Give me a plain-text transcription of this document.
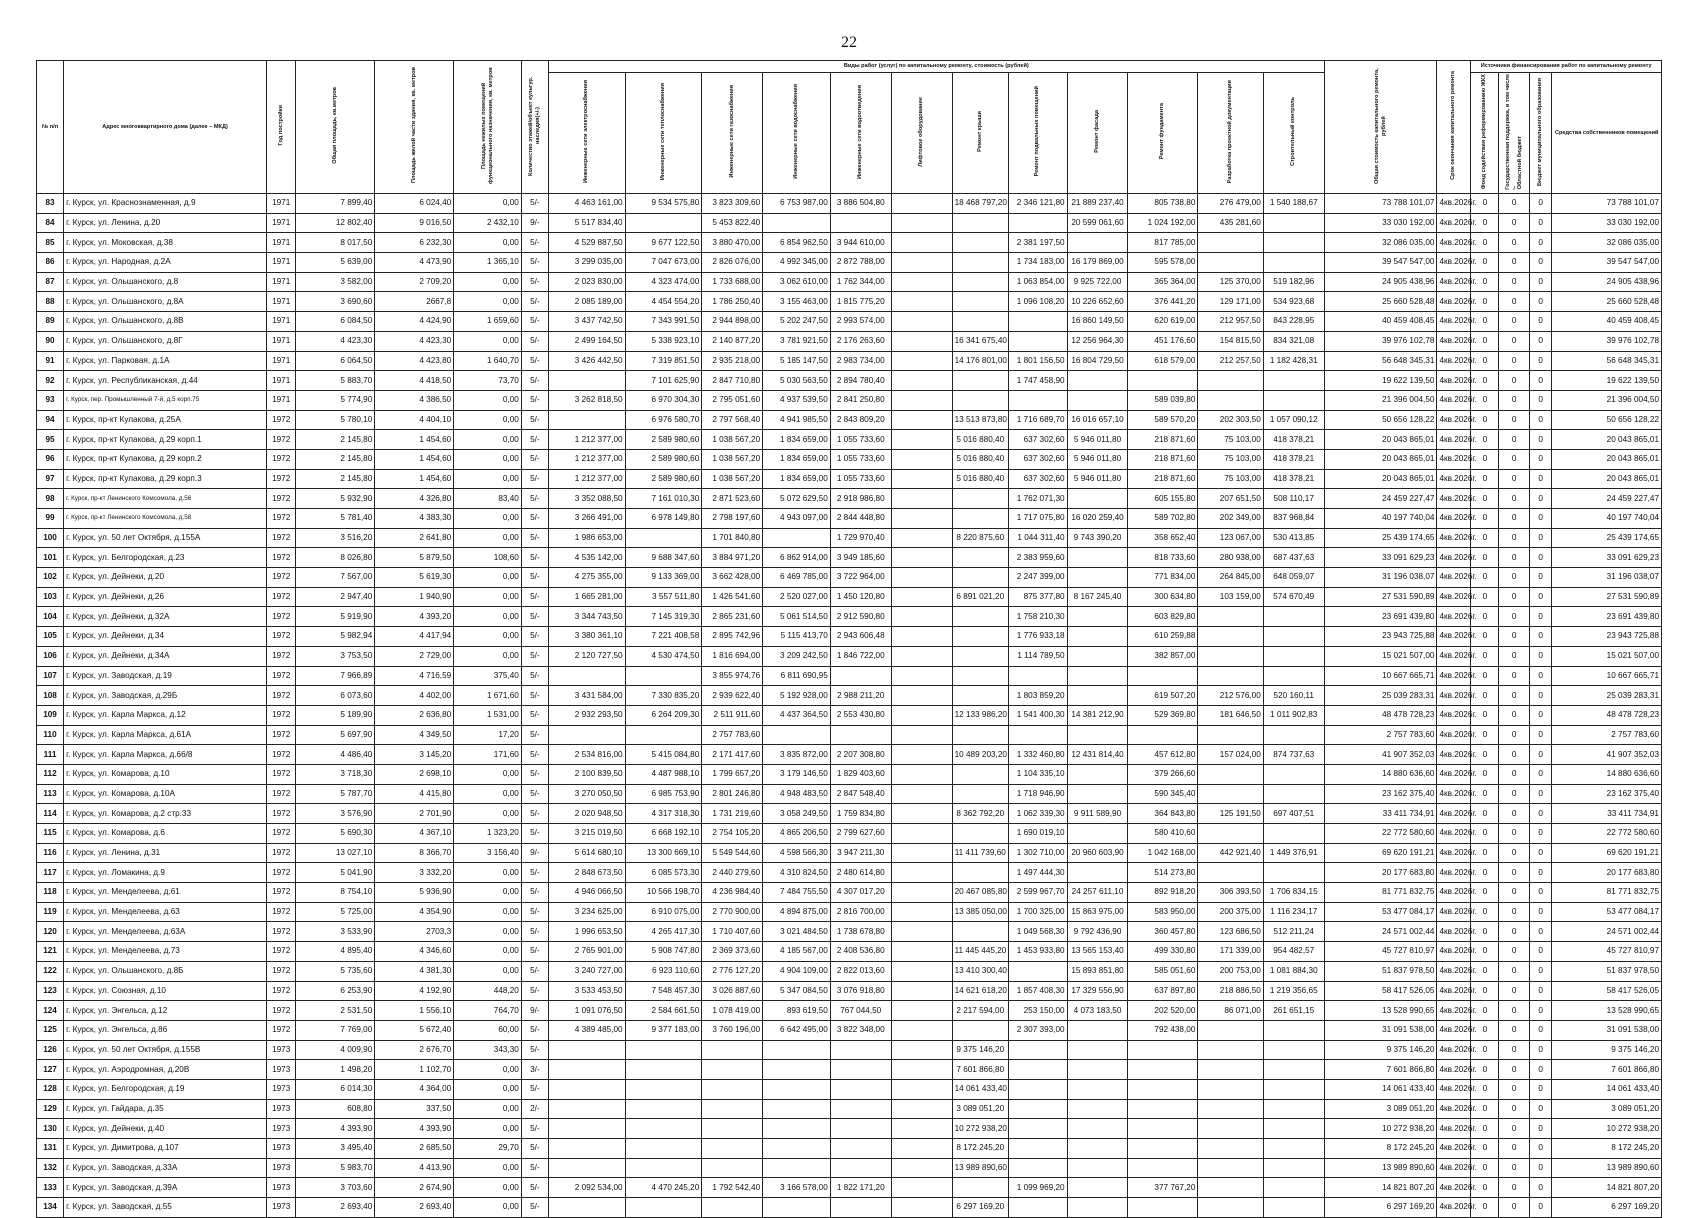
22
№ п/п	Адрес многоквартирного дома (далее – МКД)	Год постройки	Общая площадь, кв.метров	Площадь жилой части здания, кв. метров	Площадь нежилых помещений функционального назначения, кв. метров	Количество этажей/объект культур. наследия(+/-)	Виды работ (услуг) по капитальному ремонту, стоимость (рублей)												Общая стоимость капитального ремонта, рублей	Срок окончания капитального ремонта	Источники финансирования работ по капитальному ремонту			
							Инженерные сети электроснабжения	Инженерные сети теплоснабжения	Инженерные сети газоснабжения	Инженерные сети водоснабжения	Инженерные сети водоотведения	Лифтовое оборудование	Ремонт крыши	Ремонт подвальных помещений	Ремонт фасада	Ремонт фундамента	Разработка проектной документации	Строительный контроль			Фонд содействия реформированию ЖКХ	Государственная поддержка, в том числе / Областной бюджет	Бюджет муниципального образования	Средства собственников помещений
83	г. Курск, ул. Краснознаменная, д.9	1971	7 899,40	6 024,40	0,00	5/-	4 463 161,00	9 534 575,80	3 823 309,60	6 753 987,00	3 886 504,80		18 468 797,20	2 346 121,80	21 889 237,40	805 738,80	276 479,00	1 540 188,67	73 788 101,07	4кв.2026г.	0	0	0	73 788 101,07
84	г. Курск, ул. Ленина, д.20	1971	12 802,40	9 016,50	2 432,10	9/-	5 517 834,40		5 453 822,40						20 599 061,60	1 024 192,00	435 281,60		33 030 192,00	4кв.2026г.	0	0	0	33 030 192,00
85	г. Курск, ул. Моковская, д.38	1971	8 017,50	6 232,30	0,00	5/-	4 529 887,50	9 677 122,50	3 880 470,00	6 854 962,50	3 944 610,00			2 381 197,50		817 785,00			32 086 035,00	4кв.2026г.	0	0	0	32 086 035,00
86	г. Курск, ул. Народная, д.2А	1971	5 639,00	4 473,90	1 365,10	5/-	3 299 035,00	7 047 673,00	2 826 076,00	4 992 345,00	2 872 788,00			1 734 183,00	16 179 869,00	595 578,00			39 547 547,00	4кв.2026г.	0	0	0	39 547 547,00
87	г. Курск, ул. Ольшанского, д.8	1971	3 582,00	2 709,20	0,00	5/-	2 023 830,00	4 323 474,00	1 733 688,00	3 062 610,00	1 762 344,00			1 063 854,00	9 925 722,00	365 364,00	125 370,00	519 182,96	24 905 438,96	4кв.2026г.	0	0	0	24 905 438,96
88	г. Курск, ул. Ольшанского, д.8А	1971	3 690,60	2667,8	0,00	5/-	2 085 189,00	4 454 554,20	1 786 250,40	3 155 463,00	1 815 775,20			1 096 108,20	10 226 652,60	376 441,20	129 171,00	534 923,68	25 660 528,48	4кв.2026г.	0	0	0	25 660 528,48
89	г. Курск, ул. Ольшанского, д.8В	1971	6 084,50	4 424,90	1 659,60	5/-	3 437 742,50	7 343 991,50	2 944 898,00	5 202 247,50	2 993 574,00				16 860 149,50	620 619,00	212 957,50	843 228,95	40 459 408,45	4кв.2026г.	0	0	0	40 459 408,45
90	г. Курск, ул. Ольшанского, д.8Г	1971	4 423,30	4 423,30	0,00	5/-	2 499 164,50	5 338 923,10	2 140 877,20	3 781 921,50	2 176 263,60		16 341 675,40		12 256 964,30	451 176,60	154 815,50	834 321,08	39 976 102,78	4кв.2026г.	0	0	0	39 976 102,78
91	г. Курск, ул. Парковая, д.1А	1971	6 064,50	4 423,80	1 640,70	5/-	3 426 442,50	7 319 851,50	2 935 218,00	5 185 147,50	2 983 734,00		14 176 801,00	1 801 156,50	16 804 729,50	618 579,00	212 257,50	1 182 428,31	56 648 345,31	4кв.2026г.	0	0	0	56 648 345,31
92	г. Курск, ул. Республиканская, д.44	1971	5 883,70	4 418,50	73,70	5/-		7 101 625,90	2 847 710,80	5 030 563,50	2 894 780,40			1 747 458,90					19 622 139,50	4кв.2026г.	0	0	0	19 622 139,50
93	г. Курск, пер. Промышленный 7-й, д.5 корп.75	1971	5 774,90	4 386,50	0,00	5/-	3 262 818,50	6 970 304,30	2 795 051,60	4 937 539,50	2 841 250,80					589 039,80			21 396 004,50	4кв.2026г.	0	0	0	21 396 004,50
94	г. Курск, пр-кт Кулакова, д.25А	1972	5 780,10	4 404,10	0,00	5/-		6 976 580,70	2 797 568,40	4 941 985,50	2 843 809,20		13 513 873,80	1 716 689,70	16 016 657,10	589 570,20	202 303,50	1 057 090,12	50 656 128,22	4кв.2026г.	0	0	0	50 656 128,22
95	г. Курск, пр-кт Кулакова, д.29 корп.1	1972	2 145,80	1 454,60	0,00	5/-	1 212 377,00	2 589 980,60	1 038 567,20	1 834 659,00	1 055 733,60		5 016 880,40	637 302,60	5 946 011,80	218 871,60	75 103,00	418 378,21	20 043 865,01	4кв.2026г.	0	0	0	20 043 865,01
96	г. Курск, пр-кт Кулакова, д.29 корп.2	1972	2 145,80	1 454,60	0,00	5/-	1 212 377,00	2 589 980,60	1 038 567,20	1 834 659,00	1 055 733,60		5 016 880,40	637 302,60	5 946 011,80	218 871,60	75 103,00	418 378,21	20 043 865,01	4кв.2026г.	0	0	0	20 043 865,01
97	г. Курск, пр-кт Кулакова, д.29 корп.3	1972	2 145,80	1 454,60	0,00	5/-	1 212 377,00	2 589 980,60	1 038 567,20	1 834 659,00	1 055 733,60		5 016 880,40	637 302,60	5 946 011,80	218 871,60	75 103,00	418 378,21	20 043 865,01	4кв.2026г.	0	0	0	20 043 865,01
98	г. Курск, пр-кт Ленинского Комсомола, д.56	1972	5 932,90	4 326,80	83,40	5/-	3 352 088,50	7 161 010,30	2 871 523,60	5 072 629,50	2 918 986,80			1 762 071,30		605 155,80	207 651,50	508 110,17	24 459 227,47	4кв.2026г.	0	0	0	24 459 227,47
99	г. Курск, пр-кт Ленинского Комсомола, д.58	1972	5 781,40	4 383,30	0,00	5/-	3 266 491,00	6 978 149,80	2 798 197,60	4 943 097,00	2 844 448,80			1 717 075,80	16 020 259,40	589 702,80	202 349,00	837 968,84	40 197 740,04	4кв.2026г.	0	0	0	40 197 740,04
100	г. Курск, ул. 50 лет Октября, д.155А	1972	3 516,20	2 641,80	0,00	5/-	1 986 653,00		1 701 840,80		1 729 970,40		8 220 875,60	1 044 311,40	9 743 390,20	358 652,40	123 067,00	530 413,85	25 439 174,65	4кв.2026г.	0	0	0	25 439 174,65
101	г. Курск, ул. Белгородская, д.23	1972	8 026,80	5 879,50	108,60	5/-	4 535 142,00	9 688 347,60	3 884 971,20	6 862 914,00	3 949 185,60			2 383 959,60		818 733,60	280 938,00	687 437,63	33 091 629,23	4кв.2026г.	0	0	0	33 091 629,23
102	г. Курск, ул. Дейнеки, д.20	1972	7 567,00	5 619,30	0,00	5/-	4 275 355,00	9 133 369,00	3 662 428,00	6 469 785,00	3 722 964,00			2 247 399,00		771 834,00	264 845,00	648 059,07	31 196 038,07	4кв.2026г.	0	0	0	31 196 038,07
103	г. Курск, ул. Дейнеки, д.26	1972	2 947,40	1 940,90	0,00	5/-	1 665 281,00	3 557 511,80	1 426 541,60	2 520 027,00	1 450 120,80		6 891 021,20	875 377,80	8 167 245,40	300 634,80	103 159,00	574 670,49	27 531 590,89	4кв.2026г.	0	0	0	27 531 590,89
104	г. Курск, ул. Дейнеки, д.32А	1972	5 919,90	4 393,20	0,00	5/-	3 344 743,50	7 145 319,30	2 865 231,60	5 061 514,50	2 912 590,80			1 758 210,30		603 829,80			23 691 439,80	4кв.2026г.	0	0	0	23 691 439,80
105	г. Курск, ул. Дейнеки, д.34	1972	5 982,94	4 417,94	0,00	5/-	3 380 361,10	7 221 408,58	2 895 742,96	5 115 413,70	2 943 606,48			1 776 933,18		610 259,88			23 943 725,88	4кв.2026г.	0	0	0	23 943 725,88
106	г. Курск, ул. Дейнеки, д.34А	1972	3 753,50	2 729,00	0,00	5/-	2 120 727,50	4 530 474,50	1 816 694,00	3 209 242,50	1 846 722,00			1 114 789,50		382 857,00			15 021 507,00	4кв.2026г.	0	0	0	15 021 507,00
107	г. Курск, ул. Заводская, д.19	1972	7 966,89	4 716,59	375,40	5/-			3 855 974,76	6 811 690,95									10 667 665,71	4кв.2026г.	0	0	0	10 667 665,71
108	г. Курск, ул. Заводская, д.29Б	1972	6 073,60	4 402,00	1 671,60	5/-	3 431 584,00	7 330 835,20	2 939 622,40	5 192 928,00	2 988 211,20			1 803 859,20		619 507,20	212 576,00	520 160,11	25 039 283,31	4кв.2026г.	0	0	0	25 039 283,31
109	г. Курск, ул. Карла Маркса, д.12	1972	5 189,90	2 636,80	1 531,00	5/-	2 932 293,50	6 264 209,30	2 511 911,60	4 437 364,50	2 553 430,80		12 133 986,20	1 541 400,30	14 381 212,90	529 369,80	181 646,50	1 011 902,83	48 478 728,23	4кв.2026г.	0	0	0	48 478 728,23
110	г. Курск, ул. Карла Маркса, д.61А	1972	5 697,90	4 349,50	17,20	5/-			2 757 783,60										2 757 783,60	4кв.2026г.	0	0	0	2 757 783,60
111	г. Курск, ул. Карла Маркса, д.66/8	1972	4 486,40	3 145,20	171,60	5/-	2 534 816,00	5 415 084,80	2 171 417,60	3 835 872,00	2 207 308,80		10 489 203,20	1 332 460,80	12 431 814,40	457 612,80	157 024,00	874 737,63	41 907 352,03	4кв.2026г.	0	0	0	41 907 352,03
112	г. Курск, ул. Комарова, д.10	1972	3 718,30	2 698,10	0,00	5/-	2 100 839,50	4 487 988,10	1 799 657,20	3 179 146,50	1 829 403,60			1 104 335,10		379 266,60			14 880 636,60	4кв.2026г.	0	0	0	14 880 636,60
113	г. Курск, ул. Комарова, д.10А	1972	5 787,70	4 415,80	0,00	5/-	3 270 050,50	6 985 753,90	2 801 246,80	4 948 483,50	2 847 548,40			1 718 946,90		590 345,40			23 162 375,40	4кв.2026г.	0	0	0	23 162 375,40
114	г. Курск, ул. Комарова, д.2 стр.33	1972	3 576,90	2 701,90	0,00	5/-	2 020 948,50	4 317 318,30	1 731 219,60	3 058 249,50	1 759 834,80		8 362 792,20	1 062 339,30	9 911 589,90	364 843,80	125 191,50	697 407,51	33 411 734,91	4кв.2026г.	0	0	0	33 411 734,91
115	г. Курск, ул. Комарова, д.6	1972	5 690,30	4 367,10	1 323,20	5/-	3 215 019,50	6 668 192,10	2 754 105,20	4 865 206,50	2 799 627,60			1 690 019,10		580 410,60			22 772 580,60	4кв.2026г.	0	0	0	22 772 580,60
116	г. Курск, ул. Ленина, д.31	1972	13 027,10	8 366,70	3 156,40	9/-	5 614 680,10	13 300 669,10	5 549 544,60	4 598 566,30	3 947 211,30		11 411 739,60	1 302 710,00	20 960 603,90	1 042 168,00	442 921,40	1 449 376,91	69 620 191,21	4кв.2026г.	0	0	0	69 620 191,21
117	г. Курск, ул. Ломакина, д.9	1972	5 041,90	3 332,20	0,00	5/-	2 848 673,50	6 085 573,30	2 440 279,60	4 310 824,50	2 480 614,80			1 497 444,30		514 273,80			20 177 683,80	4кв.2026г.	0	0	0	20 177 683,80
118	г. Курск, ул. Менделеева, д.61	1972	8 754,10	5 936,90	0,00	5/-	4 946 066,50	10 566 198,70	4 236 984,40	7 484 755,50	4 307 017,20		20 467 085,80	2 599 967,70	24 257 611,10	892 918,20	306 393,50	1 706 834,15	81 771 832,75	4кв.2026г.	0	0	0	81 771 832,75
119	г. Курск, ул. Менделеева, д.63	1972	5 725,00	4 354,90	0,00	5/-	3 234 625,00	6 910 075,00	2 770 900,00	4 894 875,00	2 816 700,00		13 385 050,00	1 700 325,00	15 863 975,00	583 950,00	200 375,00	1 116 234,17	53 477 084,17	4кв.2026г.	0	0	0	53 477 084,17
120	г. Курск, ул. Менделеева, д.63А	1972	3 533,90	2703,3	0,00	5/-	1 996 653,50	4 265 417,30	1 710 407,60	3 021 484,50	1 738 678,80			1 049 568,30	9 792 436,90	360 457,80	123 686,50	512 211,24	24 571 002,44	4кв.2026г.	0	0	0	24 571 002,44
121	г. Курск, ул. Менделеева, д.73	1972	4 895,40	4 346,60	0,00	5/-	2 765 901,00	5 908 747,80	2 369 373,60	4 185 567,00	2 408 536,80		11 445 445,20	1 453 933,80	13 565 153,40	499 330,80	171 339,00	954 482,57	45 727 810,97	4кв.2026г.	0	0	0	45 727 810,97
122	г. Курск, ул. Ольшанского, д.8Б	1972	5 735,60	4 381,30	0,00	5/-	3 240 727,00	6 923 110,60	2 776 127,20	4 904 109,00	2 822 013,60		13 410 300,40		15 893 851,80	585 051,60	200 753,00	1 081 884,30	51 837 978,50	4кв.2026г.	0	0	0	51 837 978,50
123	г. Курск, ул. Союзная, д.10	1972	6 253,90	4 192,90	448,20	5/-	3 533 453,50	7 548 457,30	3 026 887,60	5 347 084,50	3 076 918,80		14 621 618,20	1 857 408,30	17 329 556,90	637 897,80	218 886,50	1 219 356,65	58 417 526,05	4кв.2026г.	0	0	0	58 417 526,05
124	г. Курск, ул. Энгельса, д.12	1972	2 531,50	1 556,10	764,70	9/-	1 091 076,50	2 584 661,50	1 078 419,00	893 619,50	767 044,50		2 217 594,00	253 150,00	4 073 183,50	202 520,00	86 071,00	261 651,15	13 528 990,65	4кв.2026г.	0	0	0	13 528 990,65
125	г. Курск, ул. Энгельса, д.86	1972	7 769,00	5 672,40	60,00	5/-	4 389 485,00	9 377 183,00	3 760 196,00	6 642 495,00	3 822 348,00			2 307 393,00		792 438,00			31 091 538,00	4кв.2026г.	0	0	0	31 091 538,00
126	г. Курск, ул. 50 лет Октября, д.155В	1973	4 009,90	2 676,70	343,30	5/-							9 375 146,20						9 375 146,20	4кв.2026г.	0	0	0	9 375 146,20
127	г. Курск, ул. Аэродромная, д.20В	1973	1 498,20	1 102,70	0,00	3/-							7 601 866,80						7 601 866,80	4кв.2026г.	0	0	0	7 601 866,80
128	г. Курск, ул. Белгородская, д.19	1973	6 014,30	4 364,00	0,00	5/-							14 061 433,40						14 061 433,40	4кв.2026г.	0	0	0	14 061 433,40
129	г. Курск, ул. Гайдара, д.35	1973	608,80	337,50	0,00	2/-							3 089 051,20						3 089 051,20	4кв.2026г.	0	0	0	3 089 051,20
130	г. Курск, ул. Дейнеки, д.40	1973	4 393,90	4 393,90	0,00	5/-							10 272 938,20						10 272 938,20	4кв.2026г.	0	0	0	10 272 938,20
131	г. Курск, ул. Димитрова, д.107	1973	3 495,40	2 685,50	29,70	5/-							8 172 245,20						8 172 245,20	4кв.2026г.	0	0	0	8 172 245,20
132	г. Курск, ул. Заводская, д.33А	1973	5 983,70	4 413,90	0,00	5/-							13 989 890,60						13 989 890,60	4кв.2026г.	0	0	0	13 989 890,60
133	г. Курск, ул. Заводская, д.39А	1973	3 703,60	2 674,90	0,00	5/-	2 092 534,00	4 470 245,20	1 792 542,40	3 166 578,00	1 822 171,20			1 099 969,20		377 767,20			14 821 807,20	4кв.2026г.	0	0	0	14 821 807,20
134	г. Курск, ул. Заводская, д.55	1973	2 693,40	2 693,40	0,00	5/-							6 297 169,20						6 297 169,20	4кв.2026г.	0	0	0	6 297 169,20
